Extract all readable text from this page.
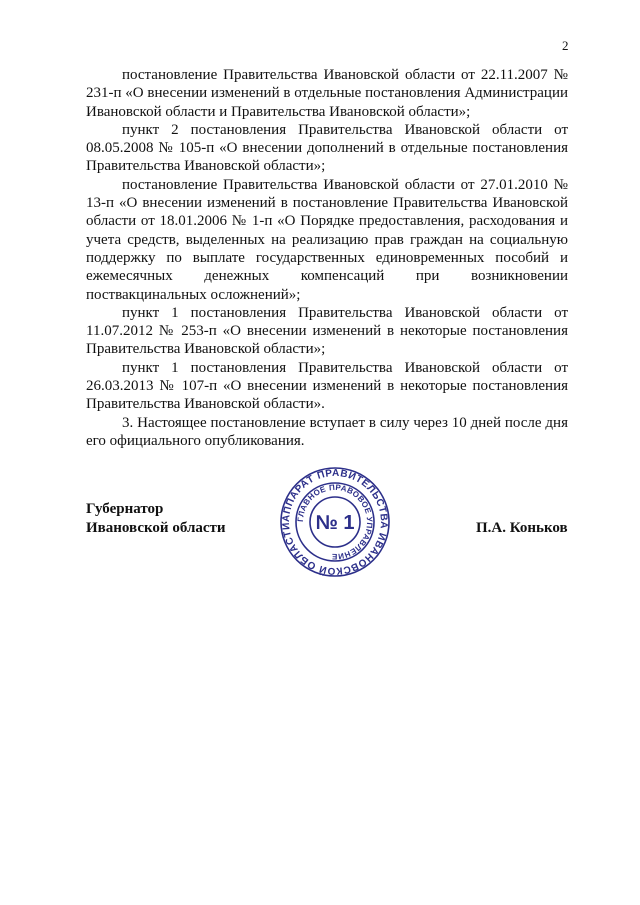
2

постановление Правительства Ивановской области от 22.11.2007 № 231-п «О внесении изменений в отдельные постановления Администрации Ивановской области и Правительства Ивановской области»;

пункт 2 постановления Правительства Ивановской области от 08.05.2008 № 105-п «О внесении дополнений в отдельные постановления Правительства Ивановской области»;

постановление Правительства Ивановской области от 27.01.2010 № 13-п «О внесении изменений в постановление Правительства Ивановской области от 18.01.2006 № 1-п «О Порядке предоставления, расходования и учета средств, выделенных на реализацию прав граждан на социальную поддержку по выплате государственных единовременных пособий и ежемесячных денежных компенсаций при возникновении поствакцинальных осложнений»;

пункт 1 постановления Правительства Ивановской области от 11.07.2012 № 253-п «О внесении изменений в некоторые постановления Правительства Ивановской области»;

пункт 1 постановления Правительства Ивановской области от 26.03.2013 № 107-п «О внесении изменений в некоторые постановления Правительства Ивановской области».

3. Настоящее постановление вступает в силу через 10 дней после дня его официального опубликования.

Губернатор
Ивановской области
АППАРАТ ПРАВИТЕЛЬСТВА ИВАНОВСКОЙ ОБЛАСТИ
ГЛАВНОЕ ПРАВОВОЕ УПРАВЛЕНИЕ
№ 1	П.А. Коньков
